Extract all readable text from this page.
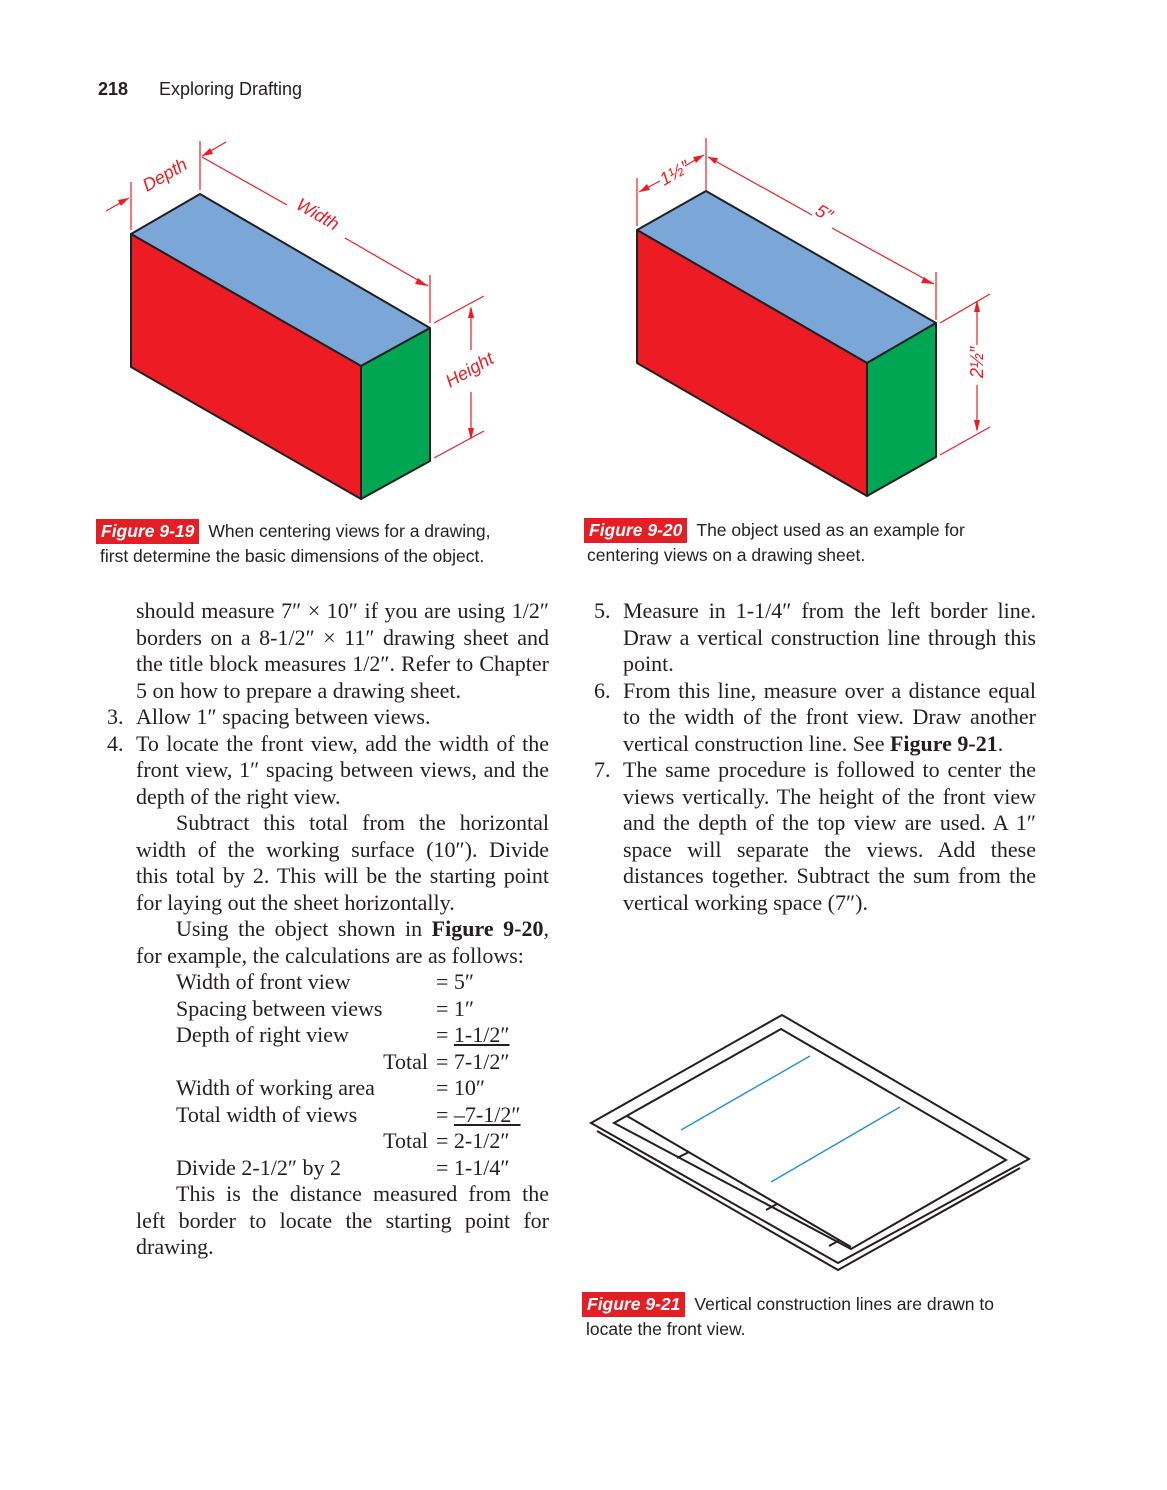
218 Exploring Drafting
Depth
Width
Height
Figure 9-19 When centering views for a drawing,
first determine the basic dimensions of the object.
1½″
5″
2½″
Figure 9-20 The object used as an example for
centering views on a drawing sheet.

should measure 7″ × 10″ if you are using 1/2″ borders on a 8-1/2″ × 11″ drawing sheet and the title block measures 1/2″. Refer to Chapter 5 on how to prepare a drawing sheet.

3. Allow 1″ spacing between views.

4. To locate the front view, add the width of the front view, 1″ spacing between views, and the depth of the right view.

Subtract this total from the horizontal width of the working surface (10″). Divide this total by 2. This will be the starting point for laying out the sheet horizontally.

Using the object shown in Figure 9-20, for example, the calculations are as follows:

Width of front view	= 5″
Spacing between views = 1″
Depth of right view	= 1-1/2″
Total = 7-1/2″
Width of working area	= 10″
Total width of views	= –7-1/2″
Total = 2-1/2″
Divide 2-1/2″ by 2	= 1-1/4″

This is the distance measured from the left border to locate the starting point for drawing.

5. Measure in 1-1/4″ from the left border line. Draw a vertical construction line through this point.

6. From this line, measure over a distance equal to the width of the front view. Draw another vertical construction line. See Figure 9-21.

7. The same procedure is followed to center the views vertically. The height of the front view and the depth of the top view are used. A 1″ space will separate the views. Add these distances together. Subtract the sum from the vertical working space (7″).

Figure 9-21 Vertical construction lines are drawn to
locate the front view.
